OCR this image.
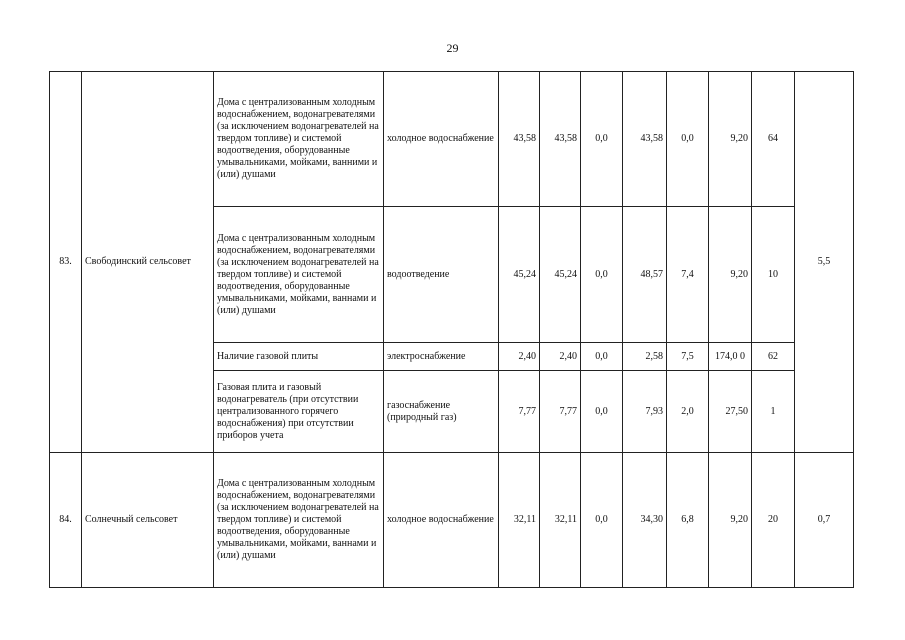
29
83.	Свободинский сельсовет	Дома с централизованным холодным водоснабжением, водонагревателями (за исключением водонагревателей на твердом топливе) и системой водоотведения, оборудованные умывальниками, мойками, ванними и (или) душами	холодное водоснабжение	43,58	43,58	0,0	43,58	0,0	9,20	64	5,5
		Дома с централизованным холодным водоснабжением, водонагревателями (за исключением водонагревателей на твердом топливе) и системой водоотведения, оборудованные умывальниками, мойками, ваннами и (или) душами	водоотведение	45,24	45,24	0,0	48,57	7,4	9,20	10	
		Наличие газовой плиты	электроснабжение	2,40	2,40	0,0	2,58	7,5	174,0 0	62	
		Газовая плита и газовый водонагреватель (при отсутствии централизованного горячего водоснабжения) при отсутствии приборов учета	газоснабжение (природный газ)	7,77	7,77	0,0	7,93	2,0	27,50	1	
84.	Солнечный сельсовет	Дома с централизованным холодным водоснабжением, водонагревателями (за исключением водонагревателей на твердом топливе) и системой водоотведения, оборудованные умывальниками, мойками, ваннами и (или) душами	холодное водоснабжение	32,11	32,11	0,0	34,30	6,8	9,20	20	0,7
